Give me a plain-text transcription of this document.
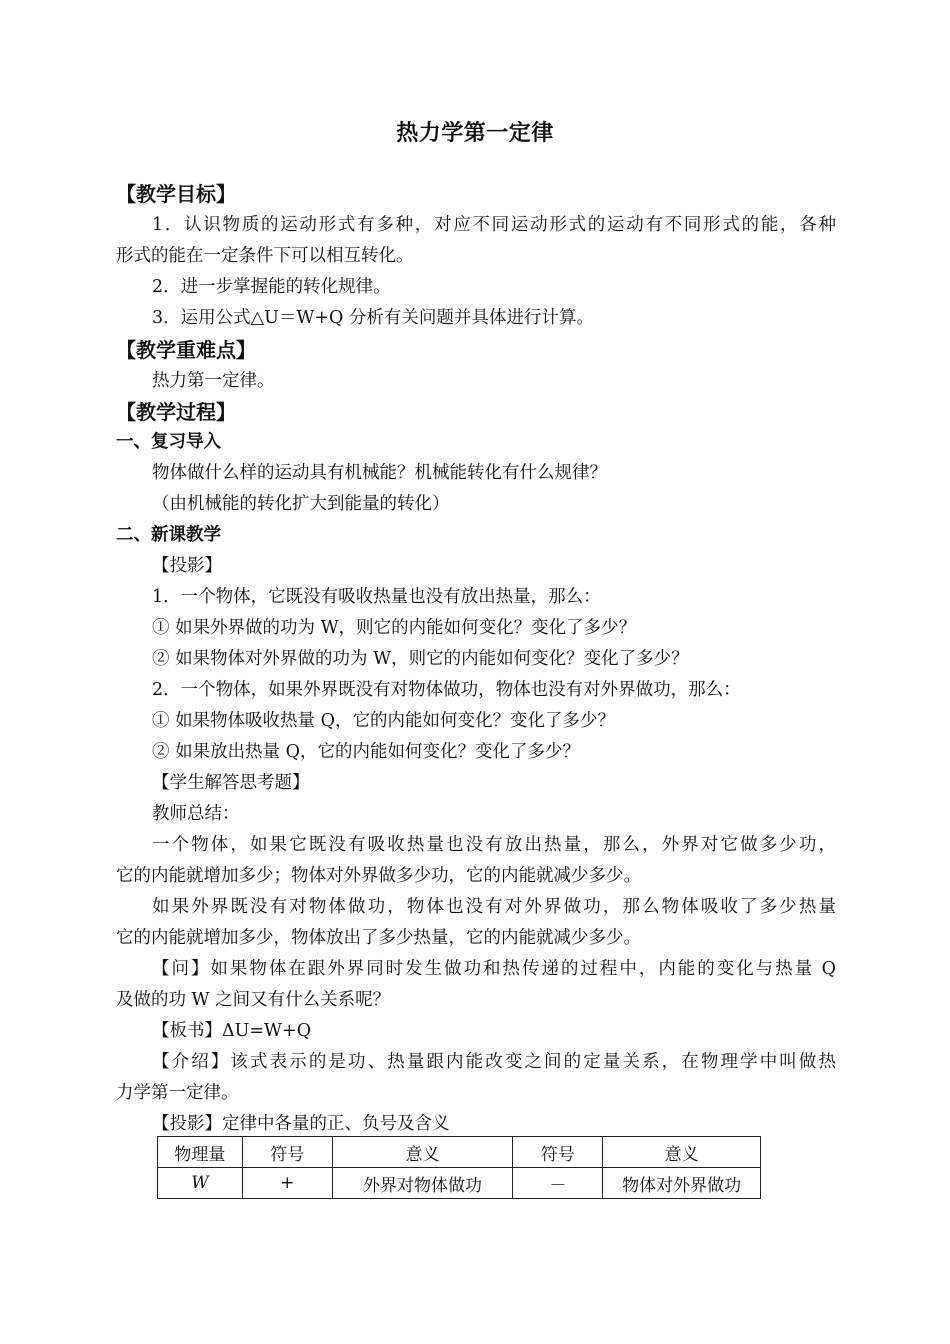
热力学第一定律
【教学目标】
1．认识物质的运动形式有多种，对应不同运动形式的运动有不同形式的能，各种
形式的能在一定条件下可以相互转化。
2．进一步掌握能的转化规律。
3．运用公式△U＝W+Q 分析有关问题并具体进行计算。
【教学重难点】
热力第一定律。
【教学过程】
一、复习导入
物体做什么样的运动具有机械能？机械能转化有什么规律？
（由机械能的转化扩大到能量的转化）
二、新课教学
【投影】
1．一个物体，它既没有吸收热量也没有放出热量，那么：
① 如果外界做的功为 W，则它的内能如何变化？变化了多少？
② 如果物体对外界做的功为 W，则它的内能如何变化？变化了多少？
2．一个物体，如果外界既没有对物体做功，物体也没有对外界做功，那么：
① 如果物体吸收热量 Q，它的内能如何变化？变化了多少？
② 如果放出热量 Q，它的内能如何变化？变化了多少？
【学生解答思考题】
教师总结：
一个物体，如果它既没有吸收热量也没有放出热量，那么，外界对它做多少功，
它的内能就增加多少；物体对外界做多少功，它的内能就减少多少。
如果外界既没有对物体做功，物体也没有对外界做功，那么物体吸收了多少热量
它的内能就增加多少，物体放出了多少热量，它的内能就减少多少。
【问】如果物体在跟外界同时发生做功和热传递的过程中，内能的变化与热量 Q
及做的功 W 之间又有什么关系呢？
【板书】ΔU=W+Q
【介绍】该式表示的是功、热量跟内能改变之间的定量关系，在物理学中叫做热
力学第一定律。
【投影】定律中各量的正、负号及含义
物理量	符号	意义	符号	意义
W	+	外界对物体做功	－	物体对外界做功
